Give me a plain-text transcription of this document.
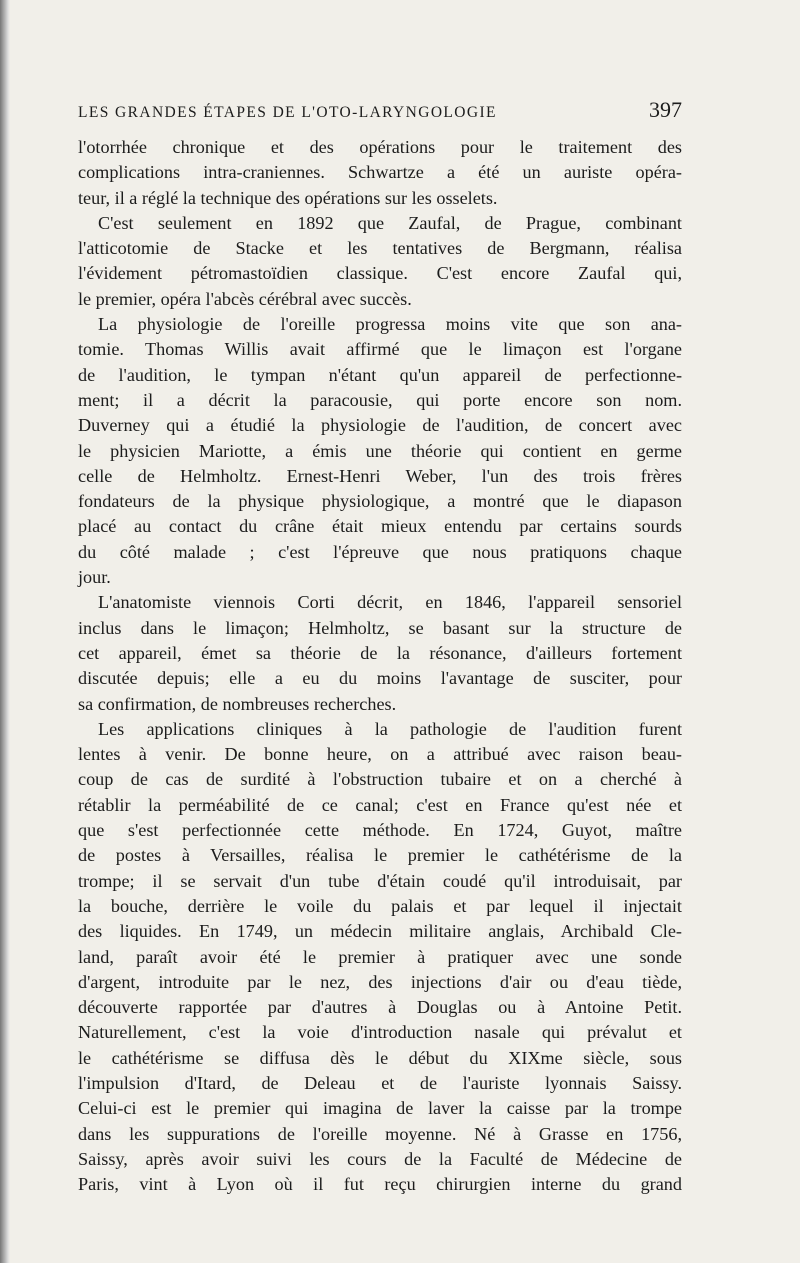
LES GRANDES ÉTAPES DE L'OTO-LARYNGOLOGIE	397
l'otorrhée chronique et des opérations pour le traitement des
complications intra-craniennes. Schwartze a été un auriste opéra-
teur, il a réglé la technique des opérations sur les osselets.
C'est seulement en 1892 que Zaufal, de Prague, combinant
l'atticotomie de Stacke et les tentatives de Bergmann, réalisa
l'évidement pétromastoïdien classique. C'est encore Zaufal qui,
le premier, opéra l'abcès cérébral avec succès.
La physiologie de l'oreille progressa moins vite que son ana-
tomie. Thomas Willis avait affirmé que le limaçon est l'organe
de l'audition, le tympan n'étant qu'un appareil de perfectionne-
ment; il a décrit la paracousie, qui porte encore son nom.
Duverney qui a étudié la physiologie de l'audition, de concert avec
le physicien Mariotte, a émis une théorie qui contient en germe
celle de Helmholtz. Ernest-Henri Weber, l'un des trois frères
fondateurs de la physique physiologique, a montré que le diapason
placé au contact du crâne était mieux entendu par certains sourds
du côté malade ; c'est l'épreuve que nous pratiquons chaque
jour.
L'anatomiste viennois Corti décrit, en 1846, l'appareil sensoriel
inclus dans le limaçon; Helmholtz, se basant sur la structure de
cet appareil, émet sa théorie de la résonance, d'ailleurs fortement
discutée depuis; elle a eu du moins l'avantage de susciter, pour
sa confirmation, de nombreuses recherches.
Les applications cliniques à la pathologie de l'audition furent
lentes à venir. De bonne heure, on a attribué avec raison beau-
coup de cas de surdité à l'obstruction tubaire et on a cherché à
rétablir la perméabilité de ce canal; c'est en France qu'est née et
que s'est perfectionnée cette méthode. En 1724, Guyot, maître
de postes à Versailles, réalisa le premier le cathétérisme de la
trompe; il se servait d'un tube d'étain coudé qu'il introduisait, par
la bouche, derrière le voile du palais et par lequel il injectait
des liquides. En 1749, un médecin militaire anglais, Archibald Cle-
land, paraît avoir été le premier à pratiquer avec une sonde
d'argent, introduite par le nez, des injections d'air ou d'eau tiède,
découverte rapportée par d'autres à Douglas ou à Antoine Petit.
Naturellement, c'est la voie d'introduction nasale qui prévalut et
le cathétérisme se diffusa dès le début du XIXme siècle, sous
l'impulsion d'Itard, de Deleau et de l'auriste lyonnais Saissy.
Celui-ci est le premier qui imagina de laver la caisse par la trompe
dans les suppurations de l'oreille moyenne. Né à Grasse en 1756,
Saissy, après avoir suivi les cours de la Faculté de Médecine de
Paris, vint à Lyon où il fut reçu chirurgien interne du grand
